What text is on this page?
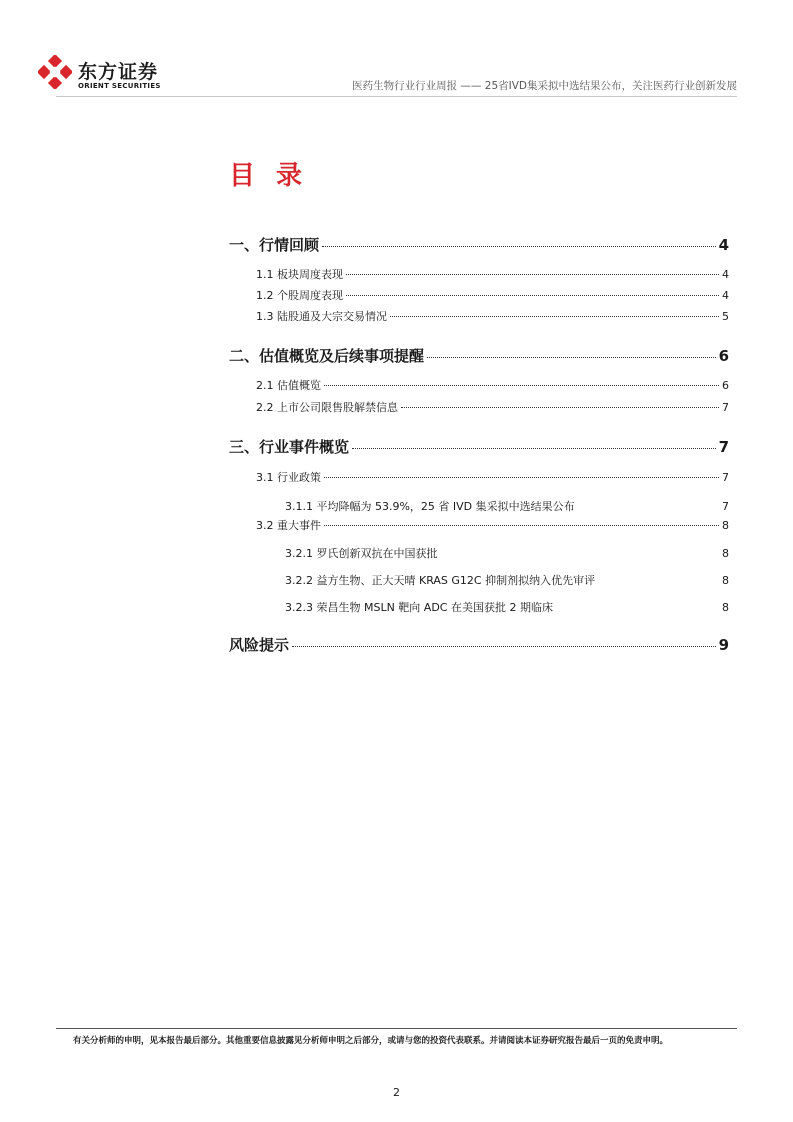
东方证券
ORIENT SECURITIES	医药生物行业行业周报 —— 25省IVD集采拟中选结果公布，关注医药行业创新发展
目 录
一、行情回顾	4
1.1 板块周度表现	4
1.2 个股周度表现	4
1.3 陆股通及大宗交易情况	5
二、估值概览及后续事项提醒	6
2.1 估值概览	6
2.2 上市公司限售股解禁信息	7
三、行业事件概览	7
3.1 行业政策	7
3.1.1 平均降幅为 53.9%，25 省 IVD 集采拟中选结果公布	7
3.2 重大事件	8
3.2.1 罗氏创新双抗在中国获批	8
3.2.2 益方生物、正大天晴 KRAS G12C 抑制剂拟纳入优先审评	8
3.2.3 荣昌生物 MSLN 靶向 ADC 在美国获批 2 期临床	8
风险提示	9
有关分析师的申明，见本报告最后部分。其他重要信息披露见分析师申明之后部分，或请与您的投资代表联系。并请阅读本证券研究报告最后一页的免责申明。
2
